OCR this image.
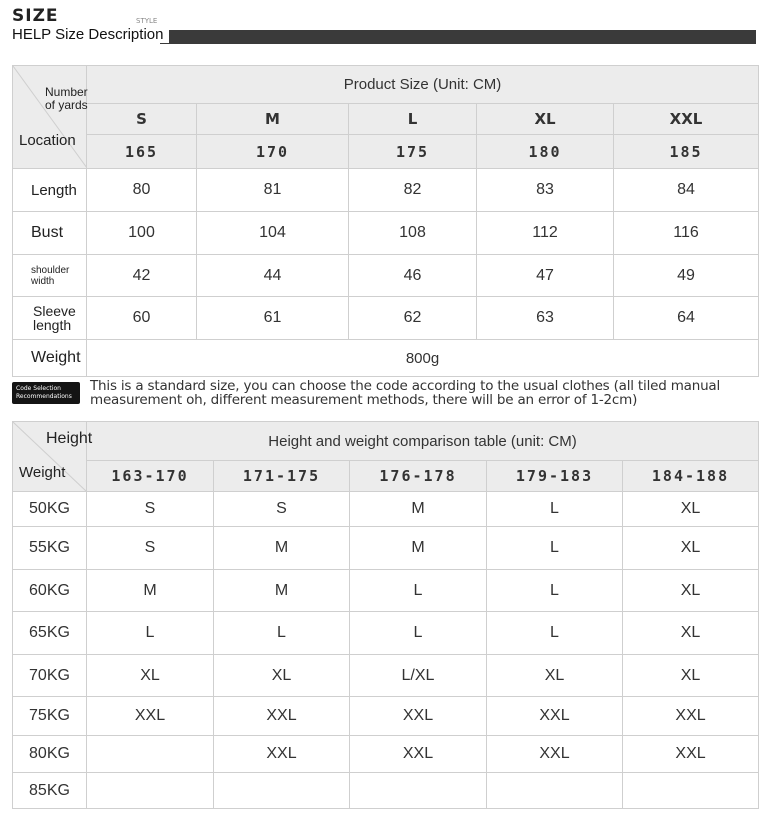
SIZE	STYLE
HELP Size Description
Number
of yards
Location	Product Size (Unit: CM)				
	S	M	L	XL	XXL
	165	170	175	180	185
Length	80	81	82	83	84
Bust	100	104	108	112	116
shoulder
width	42	44	46	47	49
Sleeve
length	60	61	62	63	64
Weight	800g				
Code Selection
Recommendations
This is a standard size, you can choose the code according to the usual clothes (all tiled manual measurement oh, different measurement methods, there will be an error of 1-2cm)
Height
Weight	Height and weight comparison table (unit: CM)				
	163-170	171-175	176-178	179-183	184-188
50KG	S	S	M	L	XL
55KG	S	M	M	L	XL
60KG	M	M	L	L	XL
65KG	L	L	L	L	XL
70KG	XL	XL	L/XL	XL	XL
75KG	XXL	XXL	XXL	XXL	XXL
80KG		XXL	XXL	XXL	XXL
85KG					
